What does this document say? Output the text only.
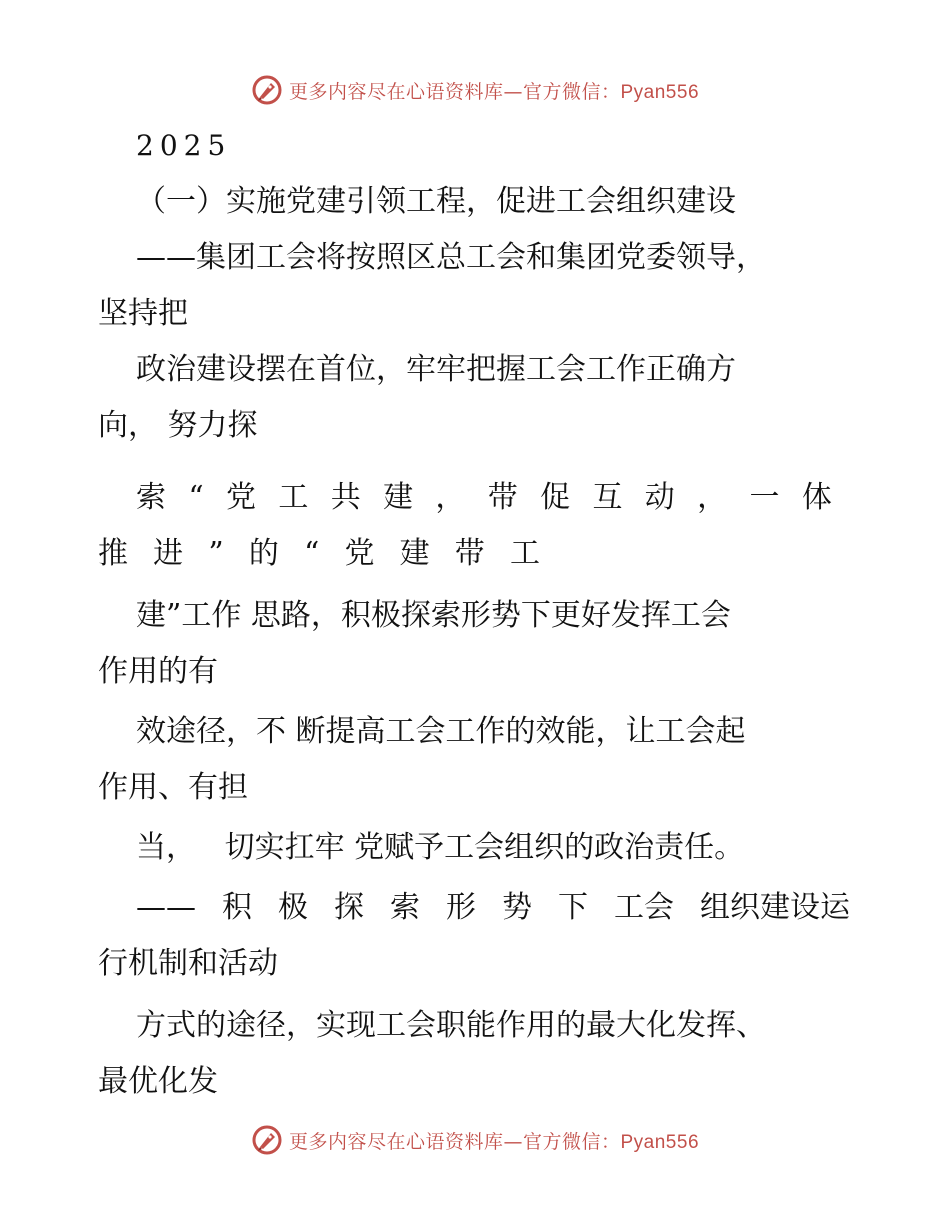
更多内容尽在心语资料库—官方微信：Pyan556
2025
（一）实施党建引领工程，促进工会组织建设
——集团工会将按照区总工会和集团党委领导，
坚持把
政治建设摆在首位，牢牢把握工会工作正确方
向， 努力探
索 “ 党 工 共 建 ， 带 促 互 动 ， 一 体
推 进 ” 的 “ 党 建 带 工
建”工作 思路，积极探索形势下更好发挥工会
作用的有
效途径，不 断提高工会工作的效能，让工会起
作用、有担
当，   切实扛牢 党赋予工会组织的政治责任。
—— 积 极 探 索 形 势 下 工会 组织建设运
行机制和活动
方式的途径，实现工会职能作用的最大化发挥、
最优化发
更多内容尽在心语资料库—官方微信：Pyan556
